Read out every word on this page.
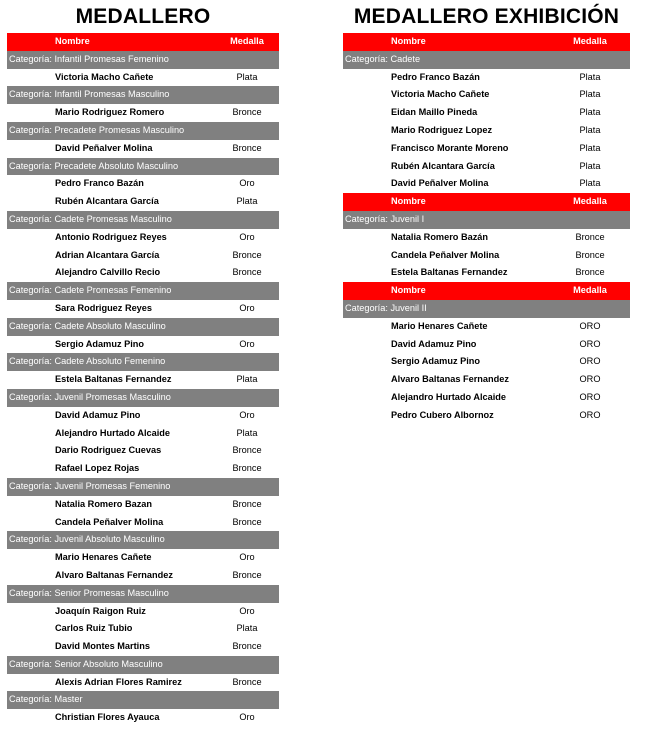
MEDALLERO
Nombre	Medalla
Categoría: Infantil Promesas Femenino
Victoria Macho Cañete	Plata
Categoría: Infantil Promesas Masculino
Mario Rodriguez Romero	Bronce
Categoría: Precadete Promesas Masculino
David Peñalver Molina	Bronce
Categoría: Precadete Absoluto Masculino
Pedro Franco Bazán	Oro
Rubén Alcantara García	Plata
Categoría: Cadete Promesas Masculino
Antonio Rodriguez Reyes	Oro
Adrian Alcantara García	Bronce
Alejandro Calvillo Recio	Bronce
Categoría: Cadete Promesas Femenino
Sara Rodriguez Reyes	Oro
Categoría: Cadete Absoluto Masculino
Sergio Adamuz Pino	Oro
Categoría: Cadete Absoluto Femenino
Estela Baltanas Fernandez	Plata
Categoría: Juvenil Promesas Masculino
David Adamuz Pino	Oro
Alejandro Hurtado Alcaide	Plata
Dario Rodriguez Cuevas	Bronce
Rafael Lopez Rojas	Bronce
Categoría: Juvenil Promesas Femenino
Natalia Romero Bazan	Bronce
Candela Peñalver Molina	Bronce
Categoría: Juvenil Absoluto Masculino
Mario Henares Cañete	Oro
Alvaro Baltanas Fernandez	Bronce
Categoría: Senior Promesas Masculino
Joaquín Raigon Ruiz	Oro
Carlos Ruiz Tubio	Plata
David Montes Martins	Bronce
Categoría: Senior Absoluto Masculino
Alexis Adrian Flores Ramirez	Bronce
Categoría: Master
Christian Flores Ayauca	Oro
MEDALLERO EXHIBICIÓN
Nombre	Medalla
Categoría: Cadete
Pedro Franco Bazán	Plata
Victoria Macho Cañete	Plata
Eidan Maillo Pineda	Plata
Mario Rodriguez Lopez	Plata
Francisco Morante Moreno	Plata
Rubén Alcantara García	Plata
David Peñalver Molina	Plata
Nombre	Medalla
Categoría: Juvenil I
Natalia Romero Bazán	Bronce
Candela Peñalver Molina	Bronce
Estela Baltanas Fernandez	Bronce
Nombre	Medalla
Categoría: Juvenil II
Mario Henares Cañete	ORO
David Adamuz Pino	ORO
Sergio Adamuz Pino	ORO
Alvaro Baltanas Fernandez	ORO
Alejandro Hurtado Alcaide	ORO
Pedro Cubero Albornoz	ORO
